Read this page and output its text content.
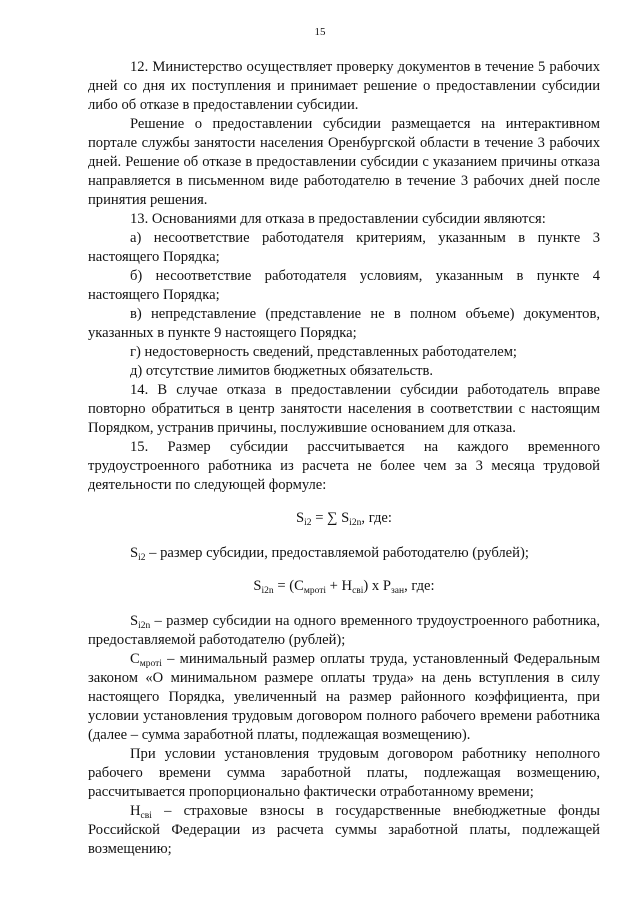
15

12. Министерство осуществляет проверку документов в течение 5 рабочих дней со дня их поступления и принимает решение о предоставлении субсидии либо об отказе в предоставлении субсидии.

Решение о предоставлении субсидии размещается на интерактивном портале службы занятости населения Оренбургской области в течение 3 рабочих дней. Решение об отказе в предоставлении субсидии с указанием причины отказа направляется в письменном виде работодателю в течение 3 рабочих дней после принятия решения.

13. Основаниями для отказа в предоставлении субсидии являются:

а) несоответствие работодателя критериям, указанным в пункте 3 настоящего Порядка;

б) несоответствие работодателя условиям, указанным в пункте 4 настоящего Порядка;

в) непредставление (представление не в полном объеме) документов, указанных в пункте 9 настоящего Порядка;

г) недостоверность сведений, представленных работодателем;

д) отсутствие лимитов бюджетных обязательств.

14. В случае отказа в предоставлении субсидии работодатель вправе повторно обратиться в центр занятости населения в соответствии с настоящим Порядком, устранив причины, послужившие основанием для отказа.

15. Размер субсидии рассчитывается на каждого временного трудоустроенного работника из расчета не более чем за 3 месяца трудовой деятельности по следующей формуле:

$S_{i2}$ = ∑ $S_{i2n}$, где:

$S_{i2}$ – размер субсидии, предоставляемой работодателю (рублей);

$S_{i2n} = (С_{мроті} + Н_{сві})$ х $Р_{зан}$, где:

$S_{i2n}$ – размер субсидии на одного временного трудоустроенного работника, предоставляемой работодателю (рублей);

$С_{мроті}$ – минимальный размер оплаты труда, установленный Федеральным законом «О минимальном размере оплаты труда» на день вступления в силу настоящего Порядка, увеличенный на размер районного коэффициента, при условии установления трудовым договором полного рабочего времени работника (далее – сумма заработной платы, подлежащая возмещению).

При условии установления трудовым договором работнику неполного рабочего времени сумма заработной платы, подлежащая возмещению, рассчитывается пропорционально фактически отработанному времени;

$Н_{сві}$ – страховые взносы в государственные внебюджетные фонды Российской Федерации из расчета суммы заработной платы, подлежащей возмещению;
